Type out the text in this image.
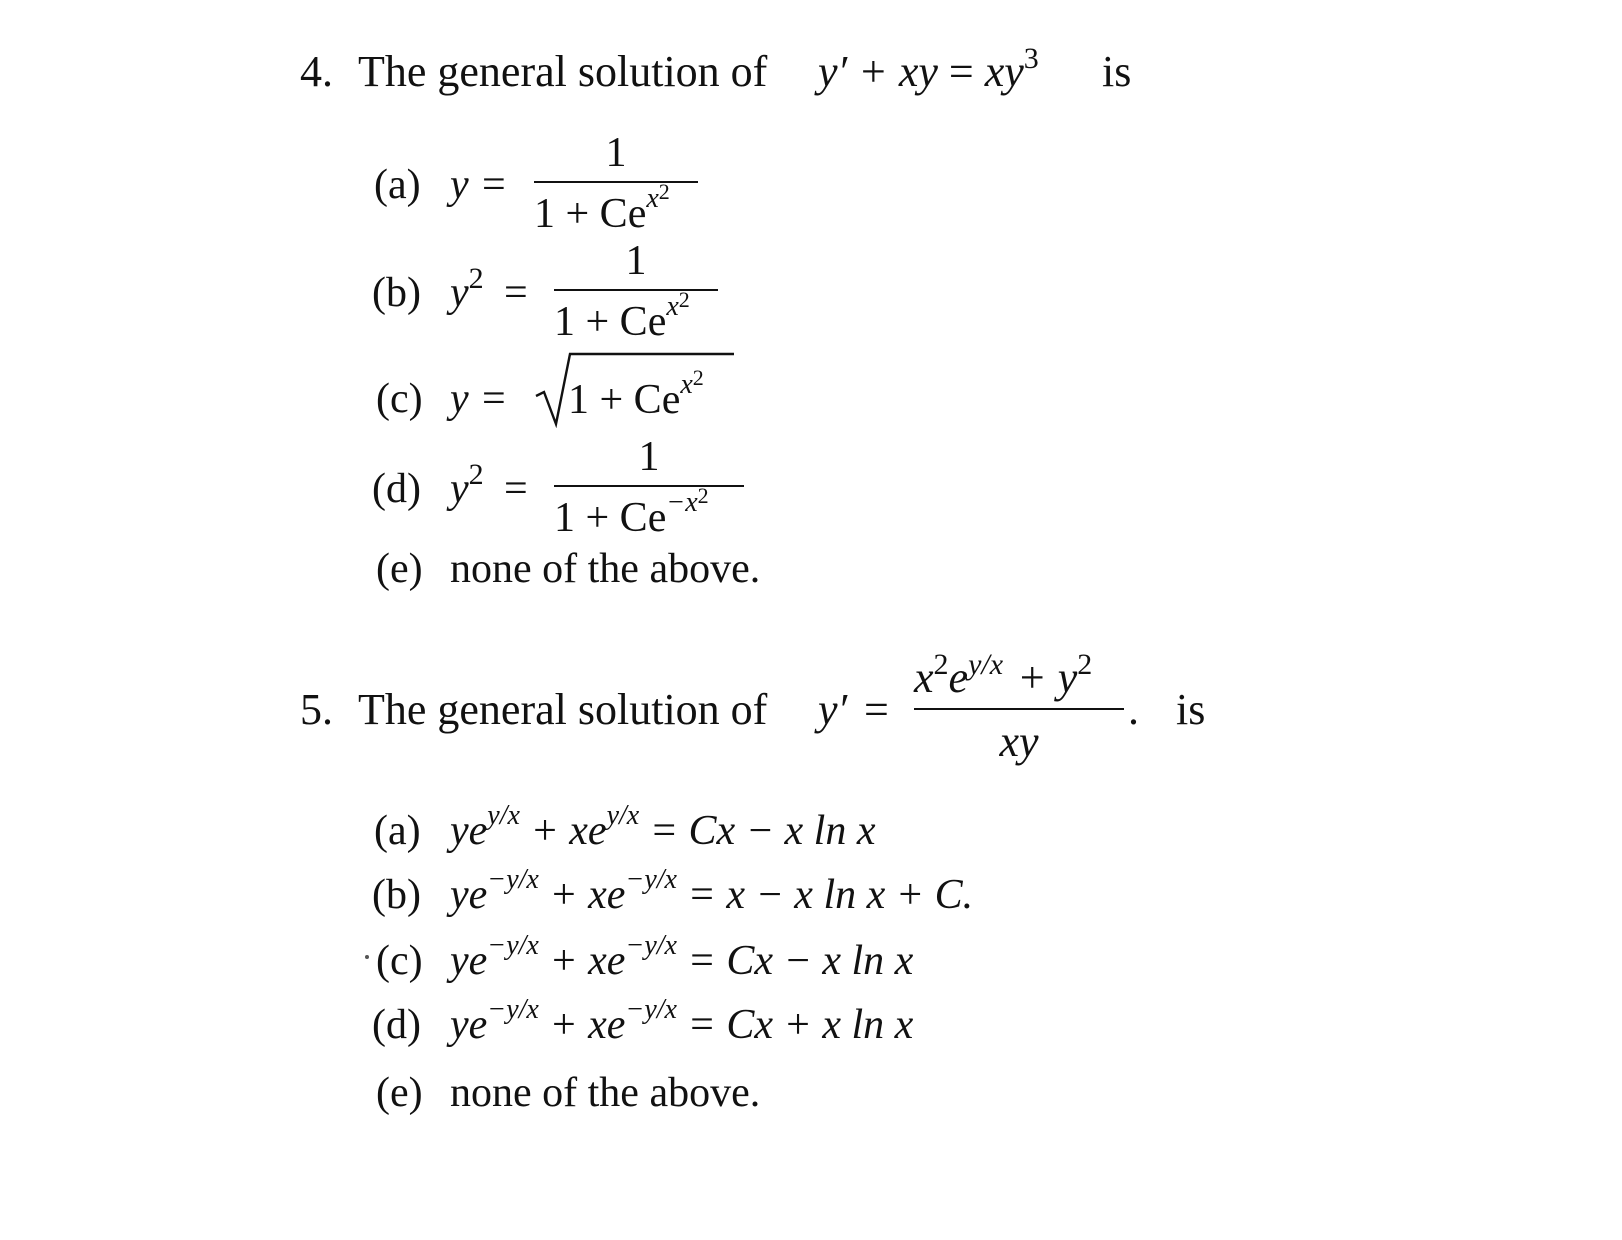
4. The general solution of y′ + xy = $xy^3$ is
(a) y =
1
$1 + Ce^{x2}$
(b) $y^2$ =
1
$1 + Ce^{x2}$
(c) $y = 1 + Ce^{x2}$
(d) $y^2$ =
1
$1 + Ce^{-x2}$
(e) none of the above.
5. The general solution of y′ =
$x^2e^{y/x} + y^2$
xy
. is
(a) $ye^{y/x} + xe^{y/x} = Cx - x$ ln x
(b) $ye^{-y/x} + xe^{-y/x} = x - x$ ln x + C.
(c) $ye^{-y/x} + xe^{-y/x} = Cx - x$ ln x
(d) $ye^{-y/x} + xe^{-y/x} = Cx + x$ ln x
(e) none of the above.
